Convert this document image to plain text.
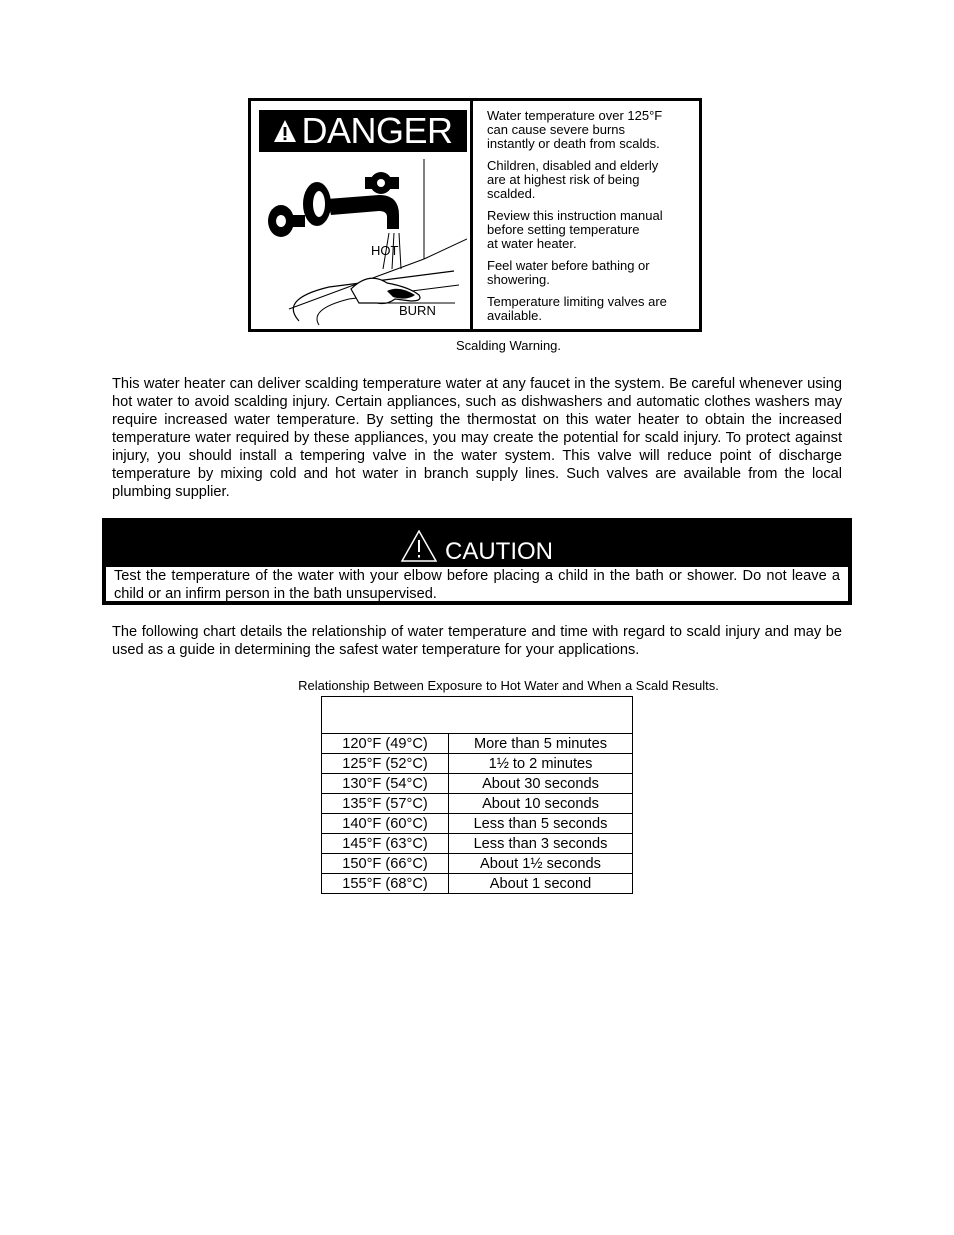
DANGER
HOT
BURN

Water temperature over 125°F
can cause severe burns
instantly or death from scalds.

Children, disabled and elderly
are at highest risk of being
scalded.

Review this instruction manual
before setting temperature
at water heater.

Feel water before bathing or
showering.

Temperature limiting valves are
available.

Scalding Warning.
This water heater can deliver scalding temperature water at any faucet in the system. Be careful whenever using hot water to avoid scalding injury. Certain appliances, such as dishwashers and automatic clothes washers may require increased water temperature. By setting the thermostat on this water heater to obtain the increased temperature water required by these appliances, you may create the potential for scald injury. To protect against injury, you should install a tempering valve in the water system. This valve will reduce point of discharge temperature by mixing cold and hot water in branch supply lines. Such valves are available from the local plumbing supplier.
CAUTION
Test the temperature of the water with your elbow before placing a child in the bath or shower. Do not leave a child or an infirm person in the bath unsupervised.
The following chart details the relationship of water temperature and time with regard to scald injury and may be used as a guide in determining the safest water temperature for your applications.
Relationship Between Exposure to Hot Water and When a Scald Results.

120°F (49°C)	More than 5 minutes
125°F (52°C)	1½ to 2 minutes
130°F (54°C)	About 30 seconds
135°F (57°C)	About 10 seconds
140°F (60°C)	Less than 5 seconds
145°F (63°C)	Less than 3 seconds
150°F (66°C)	About 1½ seconds
155°F (68°C)	About 1 second
